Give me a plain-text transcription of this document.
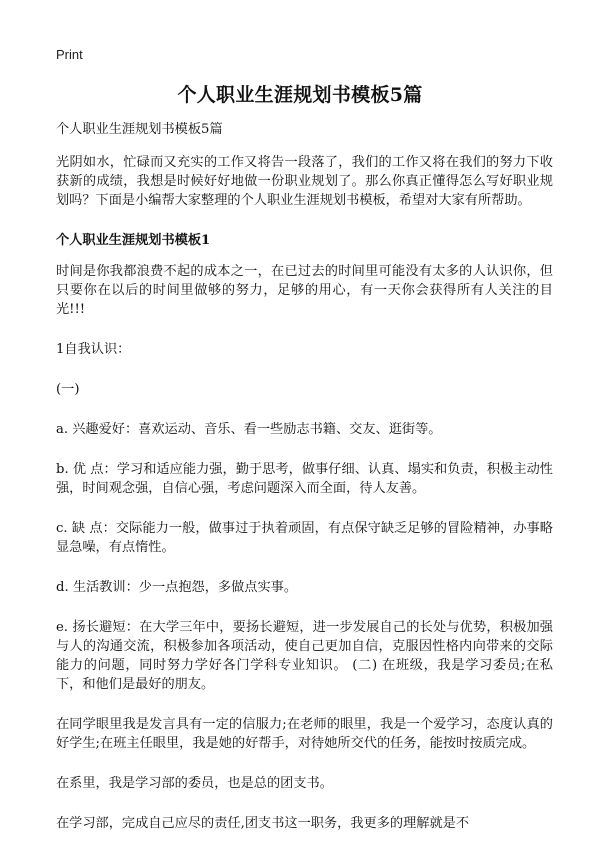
Print
个人职业生涯规划书模板5篇

个人职业生涯规划书模板5篇

光阴如水，忙碌而又充实的工作又将告一段落了，我们的工作又将在我们的努力下收获新的成绩，我想是时候好好地做一份职业规划了。那么你真正懂得怎么写好职业规划吗？下面是小编帮大家整理的个人职业生涯规划书模板，希望对大家有所帮助。

个人职业生涯规划书模板1

时间是你我都浪费不起的成本之一，在已过去的时间里可能没有太多的人认识你，但只要你在以后的时间里做够的努力，足够的用心，有一天你会获得所有人关注的目光!!!

1自我认识：

(一)

a. 兴趣爱好：喜欢运动、音乐、看一些励志书籍、交友、逛街等。

b. 优 点：学习和适应能力强，勤于思考，做事仔细、认真、塌实和负责，积极主动性强，时间观念强，自信心强，考虑问题深入而全面，待人友善。

c. 缺 点：交际能力一般，做事过于执着顽固，有点保守缺乏足够的冒险精神，办事略显急噪，有点惰性。

d. 生活教训：少一点抱怨，多做点实事。

e. 扬长避短：在大学三年中，要扬长避短，进一步发展自己的长处与优势，积极加强与人的沟通交流，积极参加各项活动，使自己更加自信，克服因性格内向带来的交际能力的问题，同时努力学好各门学科专业知识。 (二) 在班级，我是学习委员;在私下，和他们是最好的朋友。

在同学眼里我是发言具有一定的信服力;在老师的眼里，我是一个爱学习，态度认真的好学生;在班主任眼里，我是她的好帮手，对待她所交代的任务，能按时按质完成。

在系里，我是学习部的委员，也是总的团支书。

在学习部，完成自己应尽的责任,团支书这一职务，我更多的理解就是不
